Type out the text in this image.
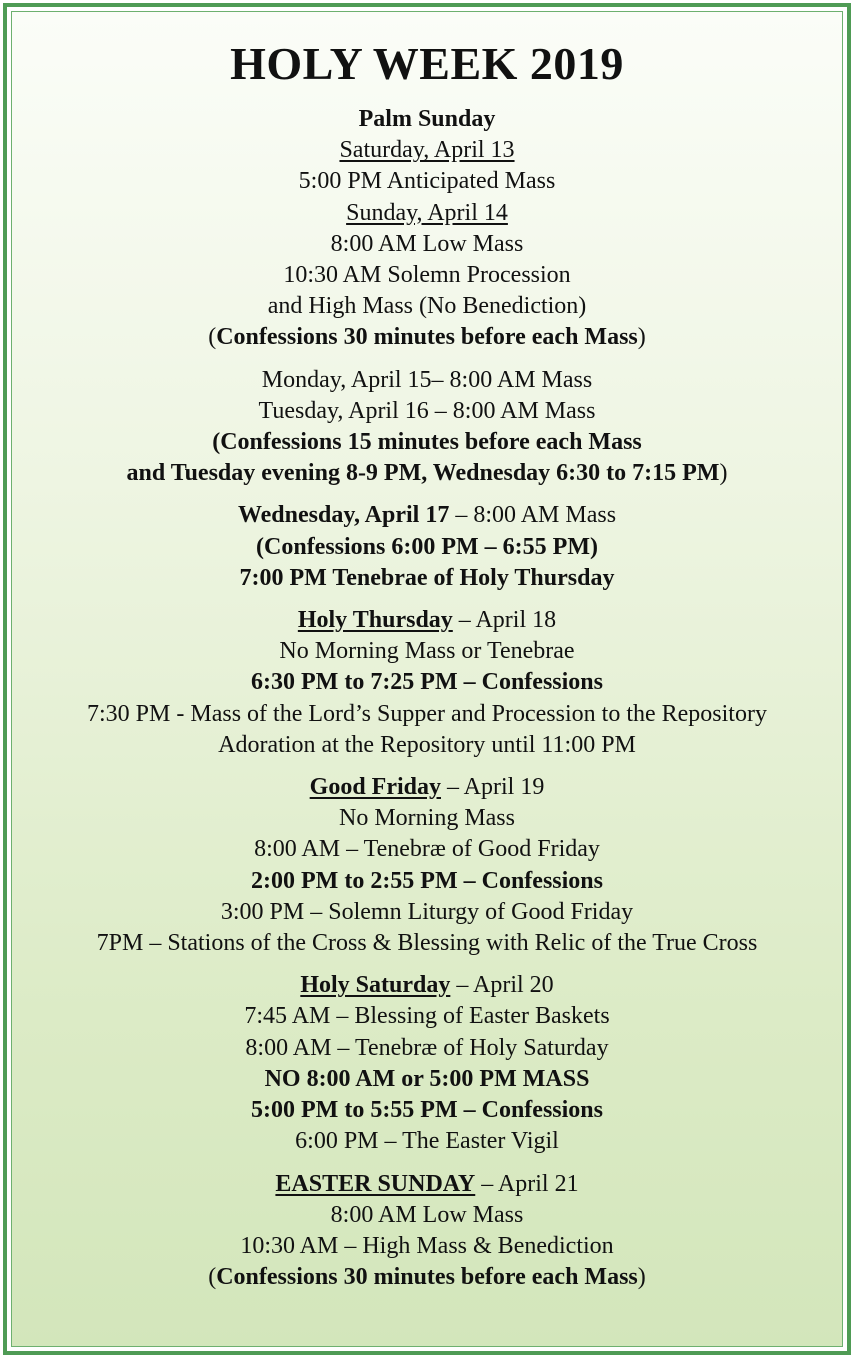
HOLY WEEK 2019
Palm Sunday
Saturday, April 13
5:00 PM Anticipated Mass
Sunday, April 14
8:00 AM Low Mass
10:30 AM Solemn Procession
and High Mass (No Benediction)
(Confessions 30 minutes before each Mass)
Monday, April 15– 8:00 AM Mass
Tuesday, April 16 – 8:00 AM Mass
(Confessions 15 minutes before each Mass
and Tuesday evening 8-9 PM, Wednesday 6:30 to 7:15 PM)
Wednesday, April 17 – 8:00 AM Mass
(Confessions 6:00 PM – 6:55 PM)
7:00 PM Tenebrae of Holy Thursday
Holy Thursday – April 18
No Morning Mass or Tenebrae
6:30 PM to 7:25 PM – Confessions
7:30 PM - Mass of the Lord’s Supper and Procession to the Repository
Adoration at the Repository until 11:00 PM
Good Friday – April 19
No Morning Mass
8:00 AM – Tenebræ of Good Friday
2:00 PM to 2:55 PM – Confessions
3:00 PM – Solemn Liturgy of Good Friday
7PM – Stations of the Cross & Blessing with Relic of the True Cross
Holy Saturday – April 20
7:45 AM – Blessing of Easter Baskets
8:00 AM – Tenebræ of Holy Saturday
NO 8:00 AM or 5:00 PM MASS
5:00 PM to 5:55 PM – Confessions
6:00 PM – The Easter Vigil
EASTER SUNDAY – April 21
8:00 AM Low Mass
10:30 AM – High Mass & Benediction
(Confessions 30 minutes before each Mass)
